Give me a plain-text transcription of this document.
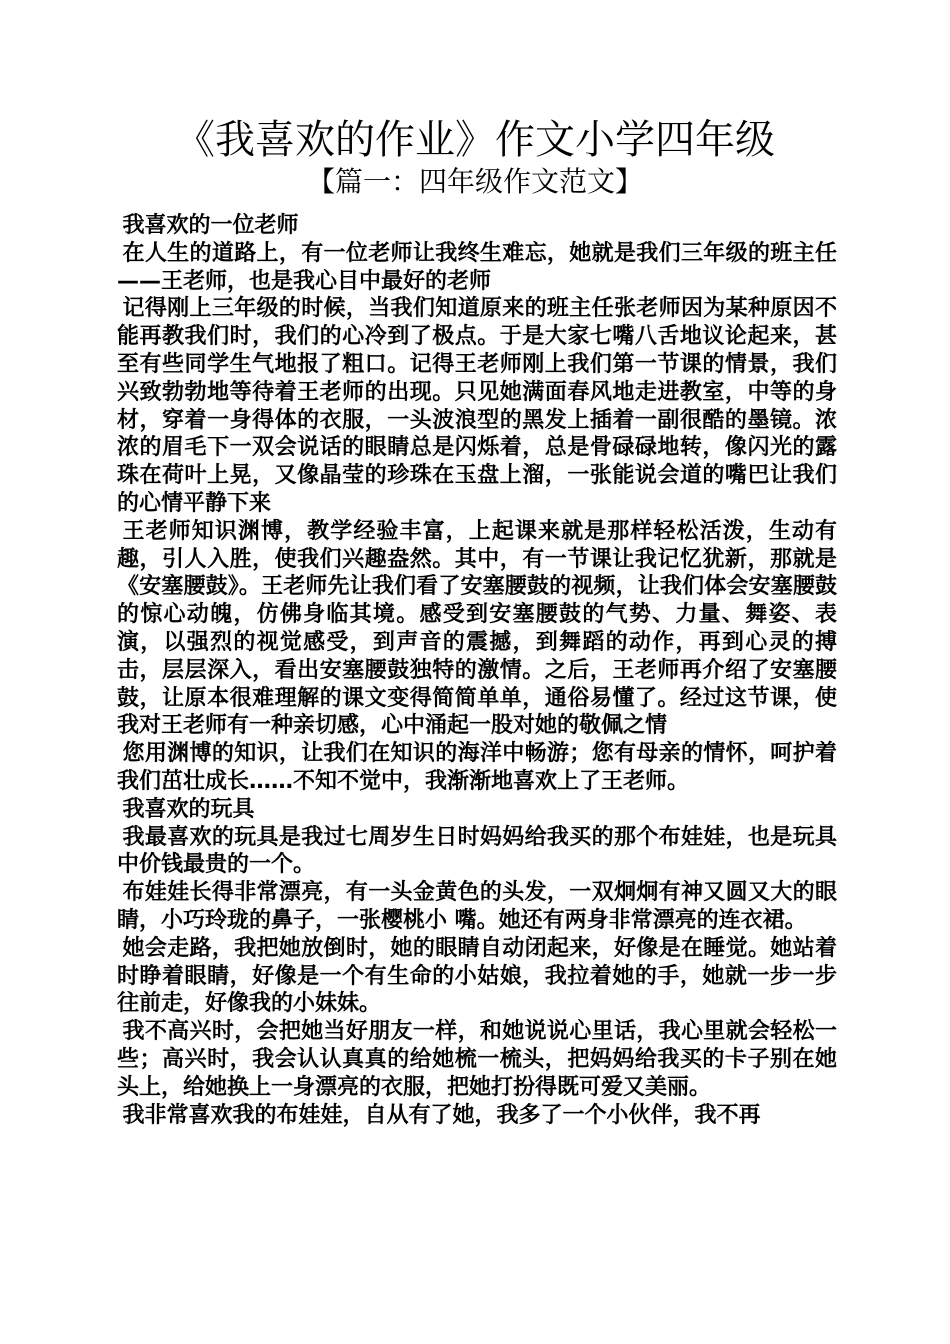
《我喜欢的作业》作文小学四年级
【篇一：四年级作文范文】

我喜欢的一位老师

在人生的道路上，有一位老师让我终生难忘，她就是我们三年级的班主任——王老师，也是我心目中最好的老师

记得刚上三年级的时候，当我们知道原来的班主任张老师因为某种原因不能再教我们时，我们的心冷到了极点。于是大家七嘴八舌地议论起来，甚至有些同学生气地报了粗口。记得王老师刚上我们第一节课的情景，我们兴致勃勃地等待着王老师的出现。只见她满面春风地走进教室，中等的身材，穿着一身得体的衣服，一头波浪型的黑发上插着一副很酷的墨镜。浓浓的眉毛下一双会说话的眼睛总是闪烁着，总是骨碌碌地转，像闪光的露珠在荷叶上晃，又像晶莹的珍珠在玉盘上溜，一张能说会道的嘴巴让我们的心情平静下来

王老师知识渊博，教学经验丰富，上起课来就是那样轻松活泼，生动有趣，引人入胜，使我们兴趣盎然。其中，有一节课让我记忆犹新，那就是《安塞腰鼓》。王老师先让我们看了安塞腰鼓的视频，让我们体会安塞腰鼓的惊心动魄，仿佛身临其境。感受到安塞腰鼓的气势、力量、舞姿、表演，以强烈的视觉感受，到声音的震撼，到舞蹈的动作，再到心灵的搏击，层层深入，看出安塞腰鼓独特的激情。之后，王老师再介绍了安塞腰鼓，让原本很难理解的课文变得简简单单，通俗易懂了。经过这节课，使我对王老师有一种亲切感，心中涌起一股对她的敬佩之情

您用渊博的知识，让我们在知识的海洋中畅游；您有母亲的情怀，呵护着我们茁壮成长……不知不觉中，我渐渐地喜欢上了王老师。

我喜欢的玩具

我最喜欢的玩具是我过七周岁生日时妈妈给我买的那个布娃娃，也是玩具中价钱最贵的一个。

布娃娃长得非常漂亮，有一头金黄色的头发，一双炯炯有神又圆又大的眼睛，小巧玲珑的鼻子，一张樱桃小 嘴。她还有两身非常漂亮的连衣裙。

她会走路，我把她放倒时，她的眼睛自动闭起来，好像是在睡觉。她站着时睁着眼睛，好像是一个有生命的小姑娘，我拉着她的手，她就一步一步往前走，好像我的小妹妹。

我不高兴时，会把她当好朋友一样，和她说说心里话，我心里就会轻松一些；高兴时，我会认认真真的给她梳一梳头，把妈妈给我买的卡子别在她头上，给她换上一身漂亮的衣服，把她打扮得既可爱又美丽。

我非常喜欢我的布娃娃，自从有了她，我多了一个小伙伴，我不再
